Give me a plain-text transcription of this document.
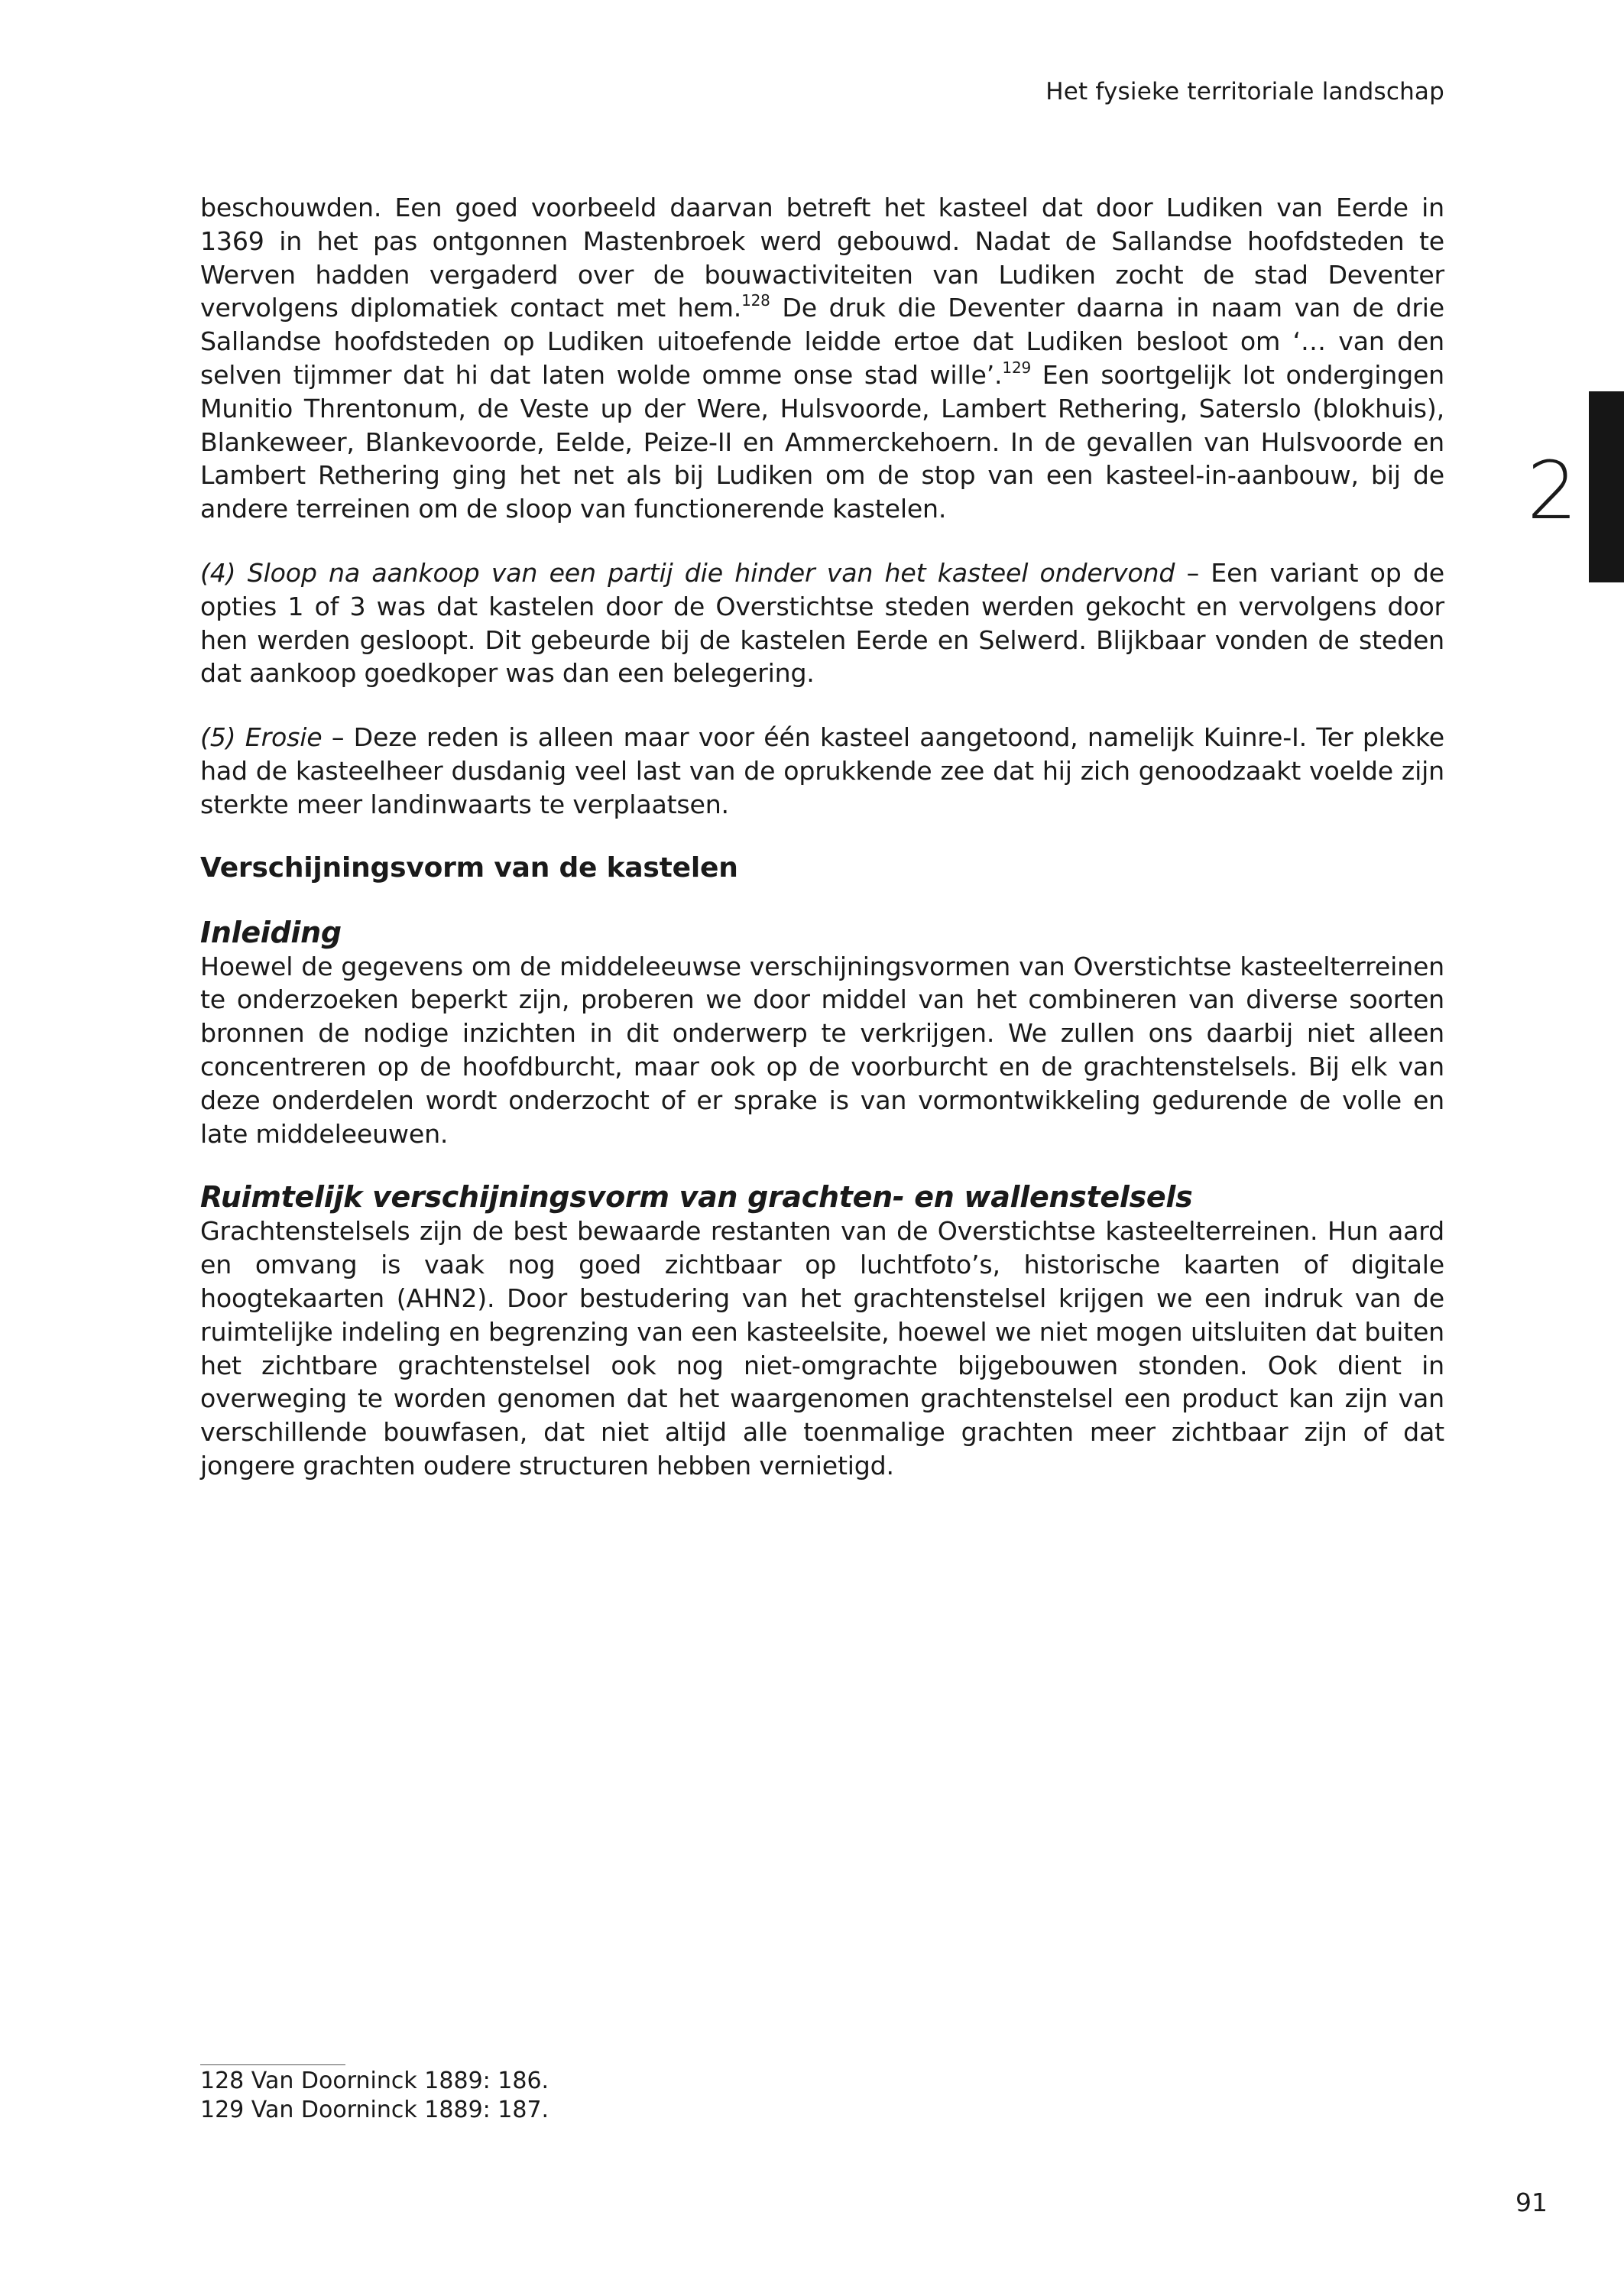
Het fysieke territoriale landschap
2

beschouwden. Een goed voorbeeld daarvan betreft het kasteel dat door Ludiken van Eerde in 1369 in het pas ontgonnen Mastenbroek werd gebouwd. Nadat de Sallandse hoofdsteden te Werven hadden vergaderd over de bouwactiviteiten van Ludiken zocht de stad Deventer vervolgens diplomatiek contact met hem.$^{128}$ De druk die Deventer daarna in naam van de drie Sallandse hoofdsteden op Ludiken uitoefende leidde ertoe dat Ludiken besloot om ‘… van den selven tijmmer dat hi dat laten wolde omme onse stad wille’.$^{129}$ Een soortgelijk lot ondergingen Munitio Threntonum, de Veste up der Were, Hulsvoorde, Lambert Rethering, Saterslo (blokhuis), Blankeweer, Blankevoorde, Eelde, Peize-II en Ammerckehoern. In de gevallen van Hulsvoorde en Lambert Rethering ging het net als bij Ludiken om de stop van een kasteel-in-aanbouw, bij de andere terreinen om de sloop van functionerende kastelen.

(4) Sloop na aankoop van een partij die hinder van het kasteel ondervond – Een variant op de opties 1 of 3 was dat kastelen door de Overstichtse steden werden gekocht en vervolgens door hen werden gesloopt. Dit gebeurde bij de kastelen Eerde en Selwerd. Blijkbaar vonden de steden dat aankoop goedkoper was dan een belegering.

(5) Erosie – Deze reden is alleen maar voor één kasteel aangetoond, namelijk Kuinre-I. Ter plekke had de kasteelheer dusdanig veel last van de oprukkende zee dat hij zich genoodzaakt voelde zijn sterkte meer landinwaarts te verplaatsen.

Verschijningsvorm van de kastelen
Inleiding

Hoewel de gegevens om de middeleeuwse verschijningsvormen van Overstichtse kasteelterreinen te onderzoeken beperkt zijn, proberen we door middel van het combineren van diverse soorten bronnen de nodige inzichten in dit onderwerp te verkrijgen. We zullen ons daarbij niet alleen concentreren op de hoofdburcht, maar ook op de voorburcht en de grachtenstelsels. Bij elk van deze onderdelen wordt onderzocht of er sprake is van vormontwikkeling gedurende de volle en late middeleeuwen.

Ruimtelijk verschijningsvorm van grachten- en wallenstelsels

Grachtenstelsels zijn de best bewaarde restanten van de Overstichtse kasteelterreinen. Hun aard en omvang is vaak nog goed zichtbaar op luchtfoto’s, historische kaarten of digitale hoogtekaarten (AHN2). Door bestudering van het grachtenstelsel krijgen we een indruk van de ruimtelijke indeling en begrenzing van een kasteelsite, hoewel we niet mogen uitsluiten dat buiten het zichtbare grachtenstelsel ook nog niet-omgrachte bijgebouwen stonden. Ook dient in overweging te worden genomen dat het waargenomen grachtenstelsel een product kan zijn van verschillende bouwfasen, dat niet altijd alle toenmalige grachten meer zichtbaar zijn of dat jongere grachten oudere structuren hebben vernietigd.

128 Van Doorninck 1889: 186.

129 Van Doorninck 1889: 187.

91
